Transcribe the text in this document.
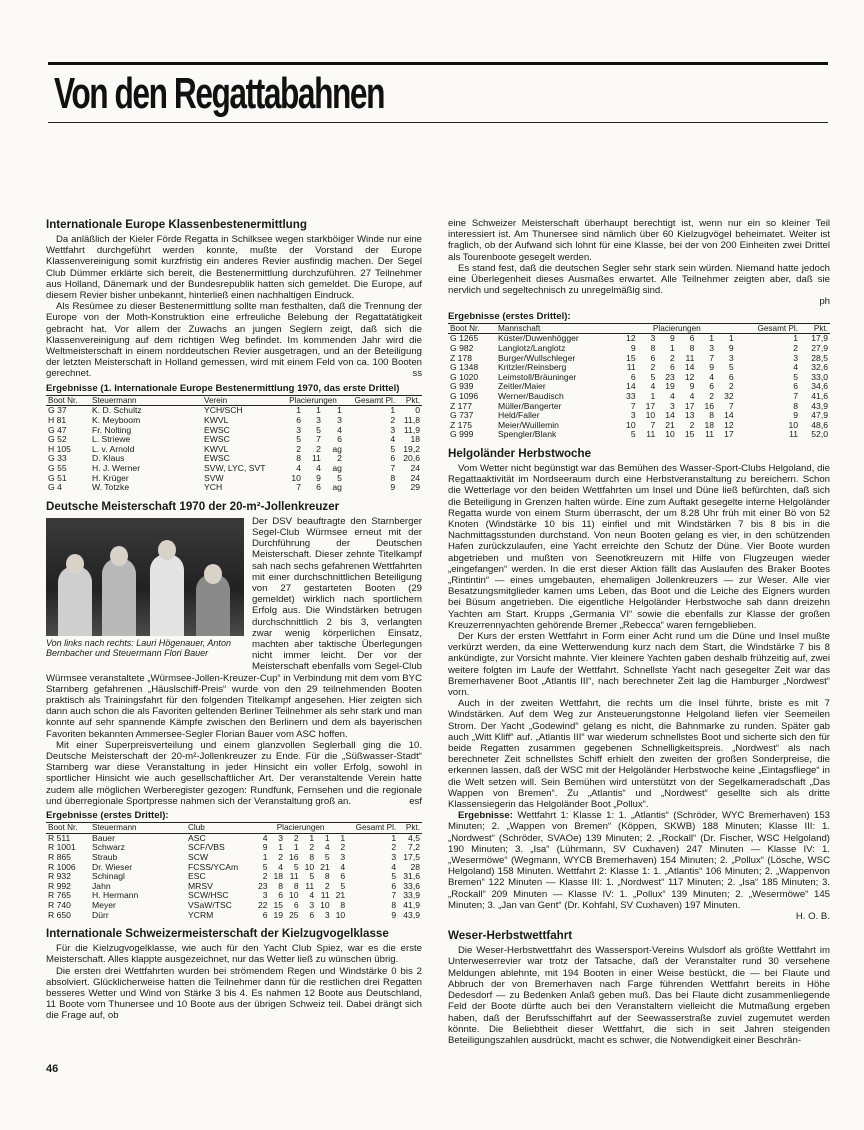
Von den Regattabahnen
Internationale Europe Klassenbestenermittlung

Da anläßlich der Kieler Förde Regatta in Schilksee wegen starkböiger Winde nur eine Wettfahrt durchgeführt werden konnte, mußte der Vorstand der Europe Klassenvereinigung somit kurzfristig ein anderes Revier ausfindig machen. Der Segel Club Dümmer erklärte sich bereit, die Bestenermittlung durchzuführen. 27 Teilnehmer aus Holland, Dänemark und der Bundesrepublik hatten sich gemeldet. Die Europe, auf diesem Revier bisher unbekannt, hinterließ einen nachhaltigen Eindruck.

Als Resümee zu dieser Bestenermittlung sollte man festhalten, daß die Trennung der Europe von der Moth-Konstruktion eine erfreuliche Belebung der Regattatätigkeit gebracht hat. Vor allem der Zuwachs an jungen Seglern zeigt, daß sich die Klassenvereinigung auf dem richtigen Weg befindet. Im kommenden Jahr wird die Weltmeisterschaft in einem norddeutschen Revier ausgetragen, und an der Beteiligung der letzten Meisterschaft in Holland gemessen, wird mit einem Feld von ca. 100 Booten gerechnet.	ss

Ergebnisse (1. Internationale Europe Bestenermittlung 1970, das erste Drittel)
Boot Nr.	Steuermann	Verein	Placierungen			Gesamt Pl.	Pkt.
G 37	K. D. Schultz	YCH/SCH	1	1	1	1	0
H 81	K. Meyboom	KWVL	6	3	3	2	11,8
G 47	Fr. Nolting	EWSC	3	5	4	3	11,9
G 52	L. Striewe	EWSC	5	7	6	4	18
H 105	L. v. Arnold	KWVL	2	2	ag	5	19,2
G 33	D. Klaus	EWSC	8	11	2	6	20,6
G 55	H. J. Werner	SVW, LYC, SVT	4	4	ag	7	24
G 51	H. Krüger	SVW	10	9	5	8	24
G 4	W. Totzke	YCH	7	6	ag	9	29
Deutsche Meisterschaft 1970 der 20-m²-Jollenkreuzer
Von links nach rechts: Lauri Högenauer, Anton Bernbacher und Steuermann Flori Bauer

Der DSV beauftragte den Starnberger Segel-Club Würmsee erneut mit der Durchführung der Deutschen Meisterschaft. Dieser zehnte Titelkampf sah nach sechs gefahrenen Wettfahrten mit einer durchschnittlichen Beteiligung von 27 gestarteten Booten (29 gemeldet) wirklich nach sportlichem Erfolg aus. Die Windstärken betrugen durchschnittlich 2 bis 3, verlangten zwar wenig körperlichen Einsatz, machten aber taktische Überlegungen nicht immer leicht. Der vor der Meisterschaft ebenfalls vom Segel-Club Würmsee veranstaltete „Würmsee-Jollen-Kreuzer-Cup“ in Verbindung mit dem vom BYC Starnberg gefahrenen „Häuslschiff-Preis“ wurde von den 29 teilnehmenden Booten praktisch als Trainingsfahrt für den folgenden Titelkampf angesehen. Hier zeigten sich dann auch schon die als Favoriten geltenden Berliner Teilnehmer als sehr stark und man konnte auf sehr spannende Kämpfe zwischen den Berlinern und dem als bayerischen Favoriten bekannten Ammersee-Segler Florian Bauer vom ASC hoffen.

Mit einer Superpreisverteilung und einem glanzvollen Seglerball ging die 10. Deutsche Meisterschaft der 20-m²-Jollenkreuzer zu Ende. Für die „Süßwasser-Stadt“ Starnberg war diese Veranstaltung in jeder Hinsicht ein voller Erfolg, sowohl in sportlicher Hinsicht wie auch gesellschaftlicher Art. Der veranstaltende Verein hatte zudem alle möglichen Werberegister gezogen: Rundfunk, Fernsehen und die regionale und überregionale Sportpresse nahmen sich der Veranstaltung groß an.	esf

Ergebnisse (erstes Drittel):
Boot Nr.	Steuermann	Club	Placierungen						Gesamt Pl.	Pkt.
R 511	Bauer	ASC	4	3	2	1	1	1	1	4,5
R 1001	Schwarz	SCF/VBS	9	1	1	2	4	2	2	7,2
R 865	Straub	SCW	1	2	16	8	5	3	3	17,5
R 1006	Dr. Wieser	FCSS/YCAm	5	4	5	10	21	4	4	28
R 932	Schinagl	ESC	2	18	11	5	8	6	5	31,6
R 992	Jahn	MRSV	23	8	8	11	2	5	6	33,6
R 765	H. Hermann	SCW/HSC	3	6	10	4	11	21	7	33,9
R 740	Meyer	VSaW/TSC	22	15	6	3	10	8	8	41,9
R 650	Dürr	YCRM	6	19	25	6	3	10	9	43,9
Internationale Schweizermeisterschaft der Kielzugvogelklasse

Für die Kielzugvogelklasse, wie auch für den Yacht Club Spiez, war es die erste Meisterschaft. Alles klappte ausgezeichnet, nur das Wetter ließ zu wünschen übrig.

Die ersten drei Wettfahrten wurden bei strömendem Regen und Windstärke 0 bis 2 absolviert. Glücklicherweise hatten die Teilnehmer dann für die restlichen drei Regatten besseres Wetter und Wind von Stärke 3 bis 4. Es nahmen 12 Boote aus Deutschland, 11 Boote vom Thunersee und 10 Boote aus der übrigen Schweiz teil. Dabei drängt sich die Frage auf, ob

eine Schweizer Meisterschaft überhaupt berechtigt ist, wenn nur ein so kleiner Teil interessiert ist. Am Thunersee sind nämlich über 60 Kielzugvögel beheimatet. Weiter ist fraglich, ob der Aufwand sich lohnt für eine Klasse, bei der von 200 Einheiten zwei Drittel als Tourenboote gesegelt werden.

Es stand fest, daß die deutschen Segler sehr stark sein würden. Niemand hatte jedoch eine Überlegenheit dieses Ausmaßes erwartet. Alle Teilnehmer zeigten aber, daß sie nervlich und segeltechnisch zu unregelmäßig sind.

ph
Ergebnisse (erstes Drittel):
Boot Nr.	Mannschaft	Placierungen						Gesamt Pl.	Pkt.
G 1265	Küster/Duwenhögger	12	3	9	6	1	1	1	17,9
G 982	Langlotz/Langlotz	9	8	1	8	3	9	2	27,9
Z 178	Burger/Wullschleger	15	6	2	11	7	3	3	28,5
G 1348	Kritzler/Reinsberg	11	2	6	14	9	5	4	32,6
G 1020	Leimstoll/Bräuninger	6	5	23	12	4	6	5	33,0
G 939	Zeitler/Maier	14	4	19	9	6	2	6	34,6
G 1096	Werner/Baudisch	33	1	4	4	2	32	7	41,6
Z 177	Müller/Bangerter	7	17	3	17	16	7	8	43,9
G 737	Held/Faller	3	10	14	13	8	14	9	47,9
Z 175	Meier/Wuillemin	10	7	21	2	18	12	10	48,6
G 999	Spengler/Blank	5	11	10	15	11	17	11	52,0
Helgoländer Herbstwoche

Vom Wetter nicht begünstigt war das Bemühen des Wasser-Sport-Clubs Helgoland, die Regattaaktivität im Nordseeraum durch eine Herbstveranstaltung zu bereichern. Schon die Wetterlage vor den beiden Wettfahrten um Insel und Düne ließ befürchten, daß sich die Beteiligung in Grenzen halten würde. Eine zum Auftakt gesegelte interne Helgoländer Regatta wurde von einem Sturm überrascht, der um 8.28 Uhr früh mit einer Bö von 52 Knoten (Windstärke 10 bis 11) einfiel und mit Windstärken 7 bis 8 bis in die Nachmittagsstunden durchstand. Von neun Booten gelang es vier, in den schützenden Hafen zurückzulaufen, eine Yacht erreichte den Schutz der Düne. Vier Boote wurden abgetrieben und mußten von Seenotkreuzern mit Hilfe von Flugzeugen wieder „eingefangen“ werden. In die erst dieser Aktion fällt das Auslaufen des Braker Bootes „Rintintin“ — eines umgebauten, ehemaligen Jollenkreuzers — zur Weser. Alle vier Besatzungsmitglieder kamen ums Leben, das Boot und die Leiche des Eigners wurden bei Büsum angetrieben. Die eigentliche Helgoländer Herbstwoche sah dann dreizehn Yachten am Start. Krupps „Germania VI“ sowie die ebenfalls zur Klasse der großen Kreuzerrennyachten gehörende Bremer „Rebecca“ waren ferngeblieben.

Der Kurs der ersten Wettfahrt in Form einer Acht rund um die Düne und Insel mußte verkürzt werden, da eine Wetterwendung kurz nach dem Start, die Windstärke 7 bis 8 ankündigte, zur Vorsicht mahnte. Vier kleinere Yachten gaben deshalb frühzeitig auf, zwei weitere folgten im Laufe der Wettfahrt. Schnellste Yacht nach gesegelter Zeit war das Bremerhavener Boot „Atlantis III“, nach berechneter Zeit lag die Hamburger „Nordwest“ vorn.

Auch in der zweiten Wettfahrt, die rechts um die Insel führte, briste es mit 7 Windstärken. Auf dem Weg zur Ansteuerungstonne Helgoland liefen vier Seemeilen Strom. Der Yacht „Godewind“ gelang es nicht, die Bahnmarke zu runden. Später gab auch „Witt Kliff“ auf. „Atlantis III“ war wiederum schnellstes Boot und sicherte sich den für beide Regatten zusammen gegebenen Schnelligkeitspreis. „Nordwest“ als nach berechneter Zeit schnellstes Schiff erhielt den zweiten der großen Sonderpreise, die erkennen lassen, daß der WSC mit der Helgoländer Herbstwoche keine „Eintagsfliege“ in die Welt setzen will. Sein Bemühen wird unterstützt von der Segelkameradschaft „Das Wappen von Bremen“. Zu „Atlantis“ und „Nordwest“ gesellte sich als dritte Klassensiegerin das Helgoländer Boot „Pollux“.

Ergebnisse: Wettfahrt 1: Klasse 1: 1. „Atlantis“ (Schröder, WYC Bremerhaven) 153 Minuten; 2. „Wappen von Bremen“ (Köppen, SKWB) 188 Minuten; Klasse III: 1. „Nordwest“ (Schröder, SVAOe) 139 Minuten; 2. „Rockall“ (Dr. Fischer, WSC Helgoland) 190 Minuten; 3. „Isa“ (Lührmann, SV Cuxhaven) 247 Minuten — Klasse IV: 1. „Wesermöwe“ (Wegmann, WYCB Bremerhaven) 154 Minuten; 2. „Pollux“ (Lösche, WSC Helgoland) 158 Minuten. Wettfahrt 2: Klasse 1: 1. „Atlantis“ 106 Minuten; 2. „Wappenvon Bremen“ 122 Minuten — Klasse III: 1. „Nordwest“ 117 Minuten; 2. „Isa“ 185 Minuten; 3. „Rockall“ 209 Minuten — Klasse IV: 1. „Pollux“ 139 Minuten; 2. „Wesermöwe“ 145 Minuten; 3. „Jan van Gent“ (Dr. Kohfahl, SV Cuxhaven) 197 Minuten.

H. O. B.
Weser-Herbstwettfahrt

Die Weser-Herbstwettfahrt des Wassersport-Vereins Wulsdorf als größte Wettfahrt im Unterweserrevier war trotz der Tatsache, daß der Veranstalter rund 30 versehene Meldungen ablehnte, mit 194 Booten in einer Weise bestückt, die — bei Flaute und Abbruch der von Bremerhaven nach Farge führenden Wettfahrt bereits in Höhe Dedesdorf — zu Bedenken Anlaß geben muß. Das bei Flaute dicht zusammenliegende Feld der Boote dürfte auch bei den Veranstaltern vielleicht die Mutmaßung ergeben haben, daß der Berufsschiffahrt auf der Seewasserstraße zuviel zugemutet werden könnte. Die Beliebtheit dieser Wettfahrt, die sich in seit Jahren steigenden Beteiligungszahlen ausdrückt, macht es schwer, die Notwendigkeit einer Beschrän-

46
